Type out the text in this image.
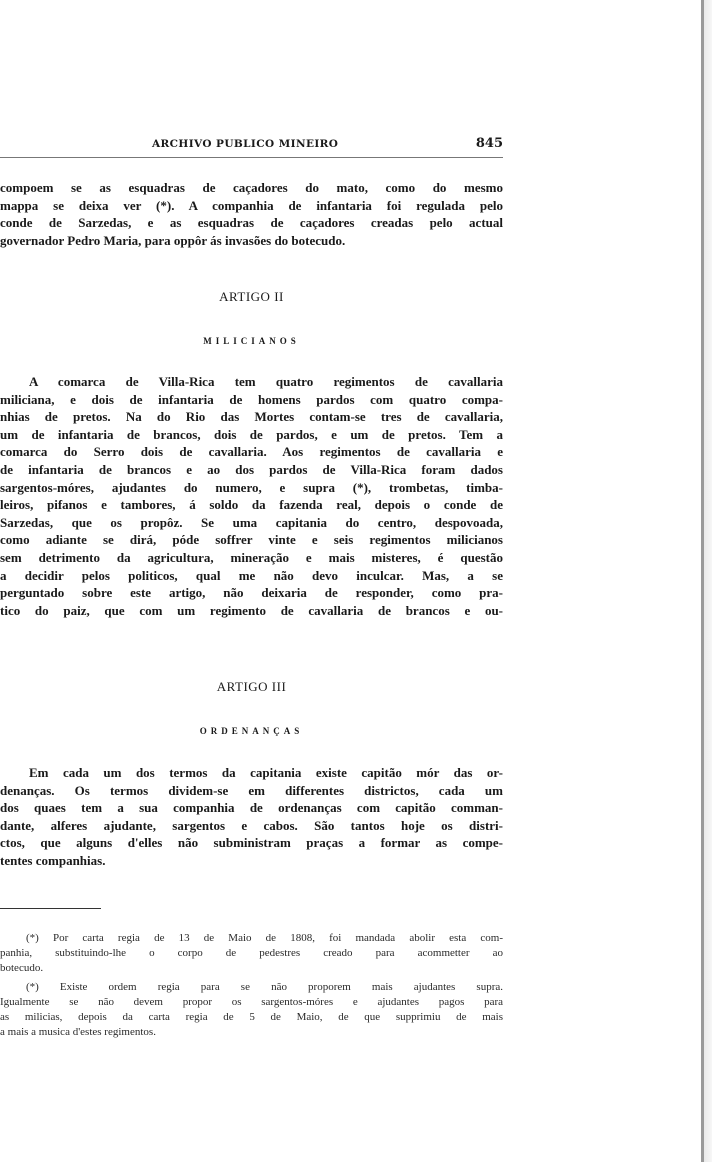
ARCHIVO PUBLICO MINEIRO	845

compoem se as esquadras de caçadores do mato, como do mesmo

mappa se deixa ver (*). A companhia de infantaria foi regulada pelo

conde de Sarzedas, e as esquadras de caçadores creadas pelo actual

governador Pedro Maria, para oppôr ás invasões do botecudo.

ARTIGO II
MILICIANOS

A comarca de Villa-Rica tem quatro regimentos de cavallaria

miliciana, e dois de infantaria de homens pardos com quatro compa-

nhias de pretos. Na do Rio das Mortes contam-se tres de cavallaria,

um de infantaria de brancos, dois de pardos, e um de pretos. Tem a

comarca do Serro dois de cavallaria. Aos regimentos de cavallaria e

de infantaria de brancos e ao dos pardos de Villa-Rica foram dados

sargentos-móres, ajudantes do numero, e supra (*), trombetas, timba-

leiros, pifanos e tambores, á soldo da fazenda real, depois o conde de

Sarzedas, que os propôz. Se uma capitania do centro, despovoada,

como adiante se dirá, póde soffrer vinte e seis regimentos milicianos

sem detrimento da agricultura, mineração e mais misteres, é questão

a decidir pelos politicos, qual me não devo inculcar. Mas, a se

perguntado sobre este artigo, não deixaria de responder, como pra-

tico do paiz, que com um regimento de cavallaria de brancos e ou-

ARTIGO III
ORDENANÇAS

Em cada um dos termos da capitania existe capitão mór das or-

denanças. Os termos dividem-se em differentes districtos, cada um

dos quaes tem a sua companhia de ordenanças com capitão comman-

dante, alferes ajudante, sargentos e cabos. São tantos hoje os distri-

ctos, que alguns d'elles não subministram praças a formar as compe-

tentes companhias.

(*) Por carta regia de 13 de Maio de 1808, foi mandada abolir esta com-

panhia, substituindo-lhe o corpo de pedestres creado para acommetter ao

botecudo.

(*) Existe ordem regia para se não proporem mais ajudantes supra.

Igualmente se não devem propor os sargentos-móres e ajudantes pagos para

as milicias, depois da carta regia de 5 de Maio, de que supprimiu de mais

a mais a musica d'estes regimentos.
